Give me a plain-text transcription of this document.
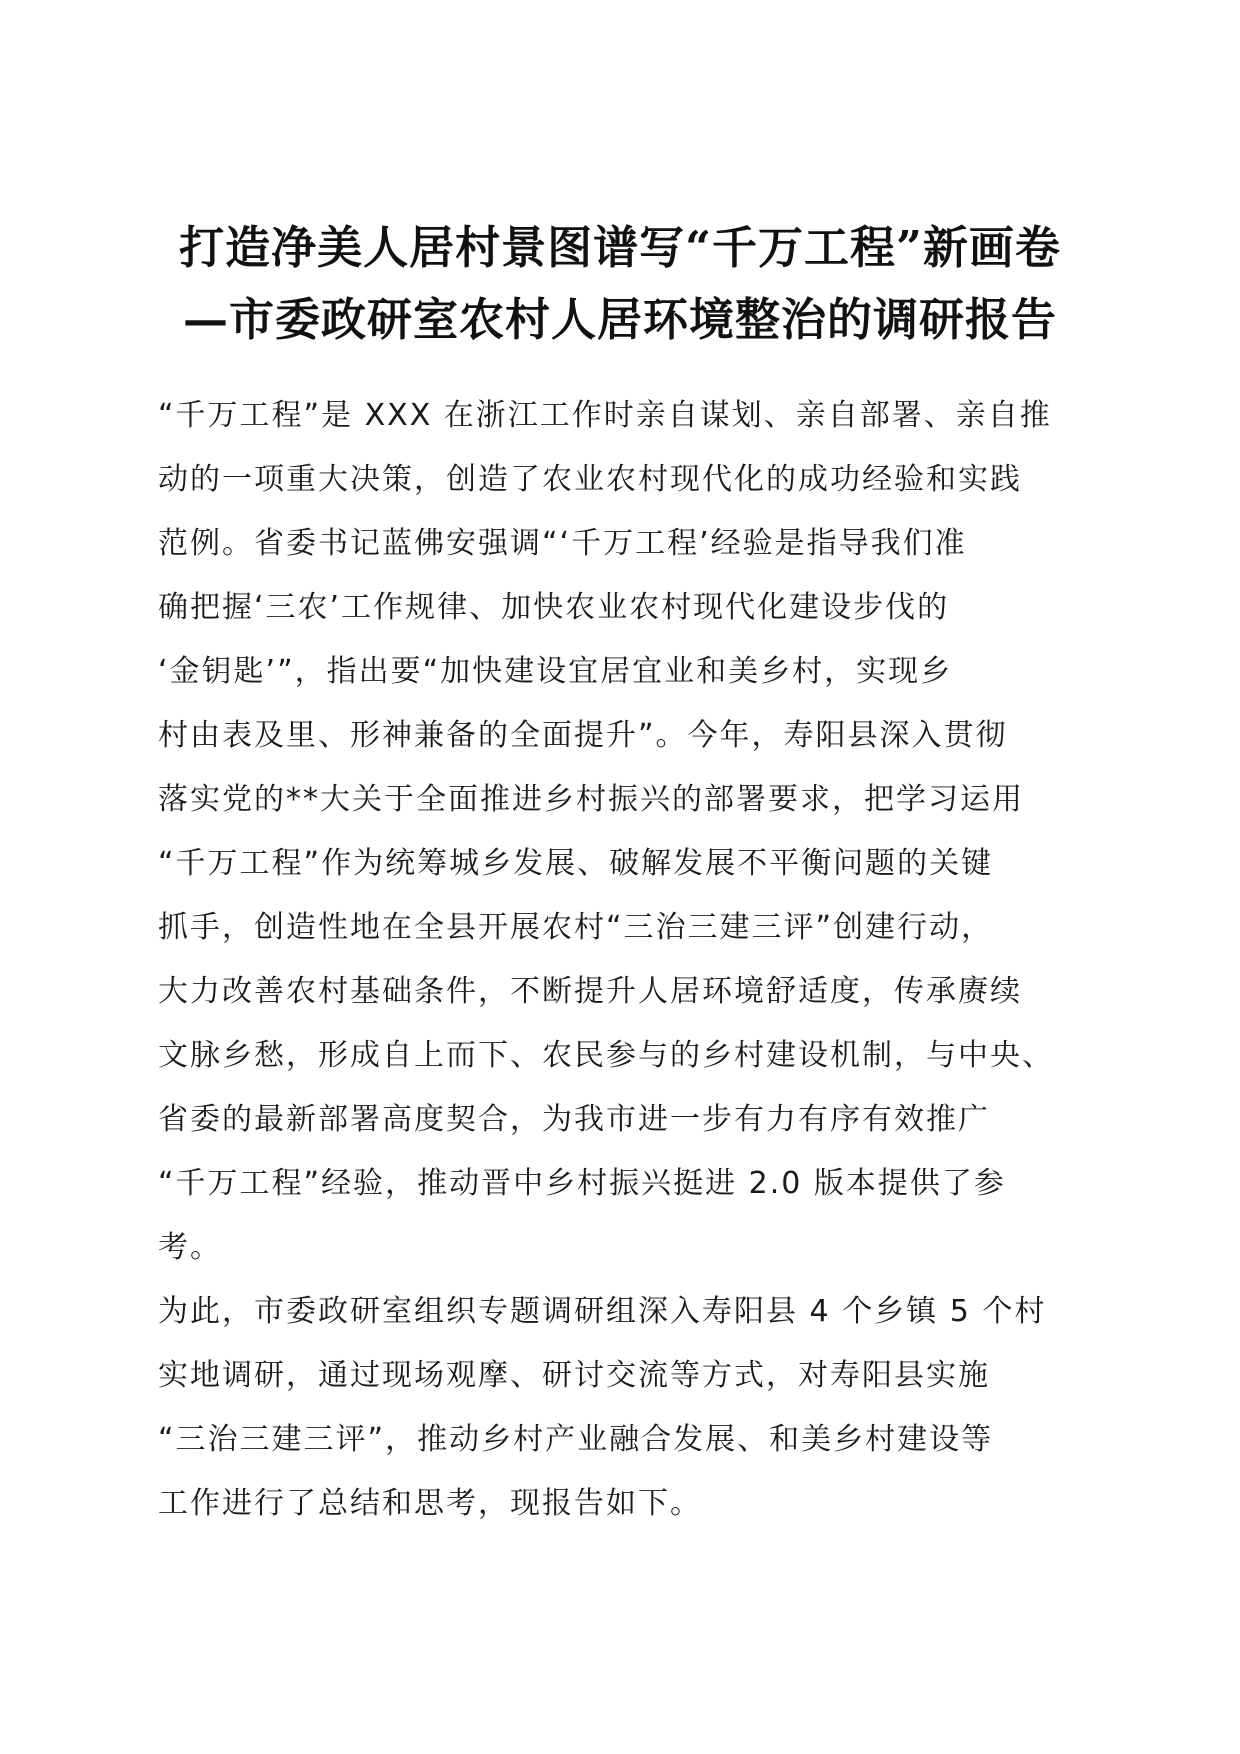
打造净美人居村景图谱写“千万工程”新画卷

—市委政研室农村人居环境整治的调研报告

“千万工程”是 XXX 在浙江工作时亲自谋划、亲自部署、亲自推
动的一项重大决策，创造了农业农村现代化的成功经验和实践
范例。省委书记蓝佛安强调“‘千万工程’经验是指导我们准
确把握‘三农’工作规律、加快农业农村现代化建设步伐的
‘金钥匙’”，指出要“加快建设宜居宜业和美乡村，实现乡
村由表及里、形神兼备的全面提升”。今年，寿阳县深入贯彻
落实党的**大关于全面推进乡村振兴的部署要求，把学习运用
“千万工程”作为统筹城乡发展、破解发展不平衡问题的关键
抓手，创造性地在全县开展农村“三治三建三评”创建行动，
大力改善农村基础条件，不断提升人居环境舒适度，传承赓续
文脉乡愁，形成自上而下、农民参与的乡村建设机制，与中央、
省委的最新部署高度契合，为我市进一步有力有序有效推广
“千万工程”经验，推动晋中乡村振兴挺进 2.0 版本提供了参
考。
为此，市委政研室组织专题调研组深入寿阳县 4 个乡镇 5 个村
实地调研，通过现场观摩、研讨交流等方式，对寿阳县实施
“三治三建三评”，推动乡村产业融合发展、和美乡村建设等
工作进行了总结和思考，现报告如下。
